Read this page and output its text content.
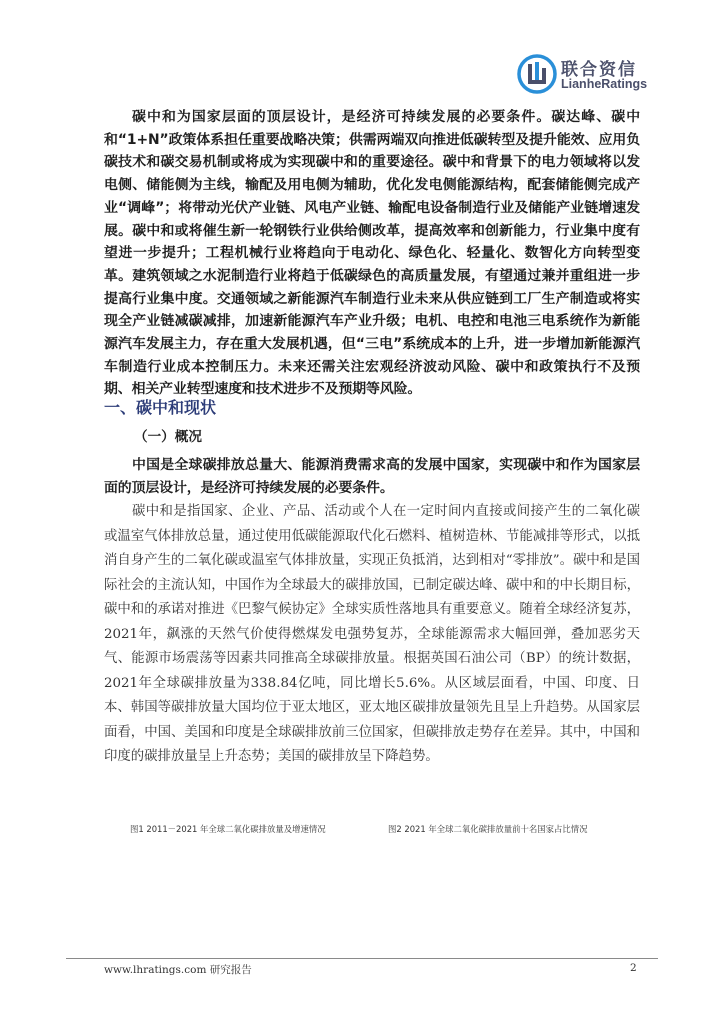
联合资信
LianheRatings

碳中和为国家层面的顶层设计，是经济可持续发展的必要条件。碳达峰、碳中和“1+N”政策体系担任重要战略决策；供需两端双向推进低碳转型及提升能效、应用负碳技术和碳交易机制或将成为实现碳中和的重要途径。碳中和背景下的电力领域将以发电侧、储能侧为主线，输配及用电侧为辅助，优化发电侧能源结构，配套储能侧完成产业“调峰”；将带动光伏产业链、风电产业链、输配电设备制造行业及储能产业链增速发展。碳中和或将催生新一轮钢铁行业供给侧改革，提高效率和创新能力，行业集中度有望进一步提升；工程机械行业将趋向于电动化、绿色化、轻量化、数智化方向转型变革。建筑领域之水泥制造行业将趋于低碳绿色的高质量发展，有望通过兼并重组进一步提高行业集中度。交通领域之新能源汽车制造行业未来从供应链到工厂生产制造或将实现全产业链减碳减排，加速新能源汽车产业升级；电机、电控和电池三电系统作为新能源汽车发展主力，存在重大发展机遇，但“三电”系统成本的上升，进一步增加新能源汽车制造行业成本控制压力。未来还需关注宏观经济波动风险、碳中和政策执行不及预期、相关产业转型速度和技术进步不及预期等风险。

一、碳中和现状
（一）概况

中国是全球碳排放总量大、能源消费需求高的发展中国家，实现碳中和作为国家层面的顶层设计，是经济可持续发展的必要条件。

碳中和是指国家、企业、产品、活动或个人在一定时间内直接或间接产生的二氧化碳或温室气体排放总量，通过使用低碳能源取代化石燃料、植树造林、节能减排等形式，以抵消自身产生的二氧化碳或温室气体排放量，实现正负抵消，达到相对“零排放”。碳中和是国际社会的主流认知，中国作为全球最大的碳排放国，已制定碳达峰、碳中和的中长期目标，碳中和的承诺对推进《巴黎气候协定》全球实质性落地具有重要意义。随着全球经济复苏，2021年，飙涨的天然气价使得燃煤发电强势复苏，全球能源需求大幅回弹，叠加恶劣天气、能源市场震荡等因素共同推高全球碳排放量。根据英国石油公司（BP）的统计数据，2021年全球碳排放量为338.84亿吨，同比增长5.6%。从区域层面看，中国、印度、日本、韩国等碳排放量大国均位于亚太地区，亚太地区碳排放量领先且呈上升趋势。从国家层面看，中国、美国和印度是全球碳排放前三位国家，但碳排放走势存在差异。其中，中国和印度的碳排放量呈上升态势；美国的碳排放呈下降趋势。

图1 2011－2021 年全球二氧化碳排放量及增速情况	图2 2021 年全球二氧化碳排放量前十名国家占比情况

www.lhratings.com 研究报告	2
